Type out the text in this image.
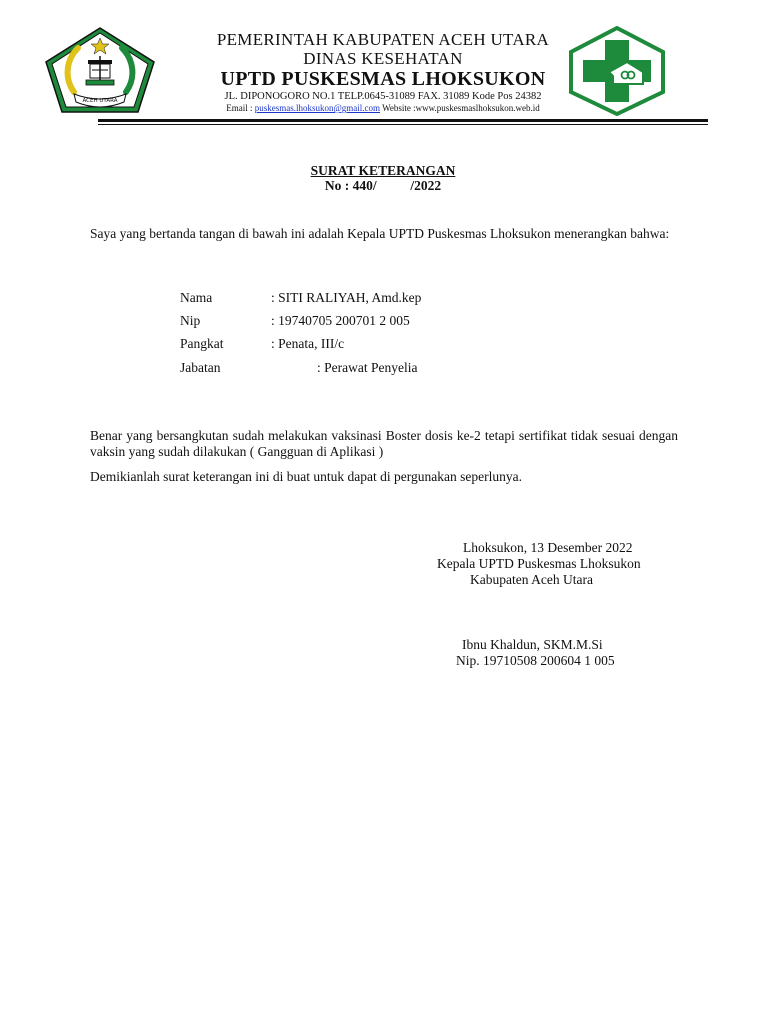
ACEH UTARA
PEMERINTAH KABUPATEN ACEH UTARA
DINAS KESEHATAN
UPTD PUSKESMAS LHOKSUKON
JL. DIPONOGORO NO.1 TELP.0645-31089 FAX. 31089 Kode Pos 24382
Email : puskesmas.lhoksukon@gmail.com Website :www.puskesmaslhoksukon.web.id
SURAT KETERANGAN
No : 440/          /2022
Saya yang bertanda tangan di bawah ini adalah Kepala UPTD Puskesmas Lhoksukon menerangkan bahwa:
Nama	: SITI RALIYAH, Amd.kep
Nip	: 19740705 200701 2 005
Pangkat	: Penata, III/c
Jabatan	: Perawat Penyelia
Benar yang bersangkutan sudah melakukan vaksinasi Boster dosis ke-2 tetapi sertifikat tidak sesuai dengan vaksin yang sudah dilakukan ( Gangguan di Aplikasi )
Demikianlah surat keterangan ini di buat untuk dapat di pergunakan seperlunya.
Lhoksukon, 13 Desember 2022
Kepala UPTD Puskesmas Lhoksukon
Kabupaten Aceh Utara
Ibnu Khaldun, SKM.M.Si
Nip. 19710508 200604 1 005
